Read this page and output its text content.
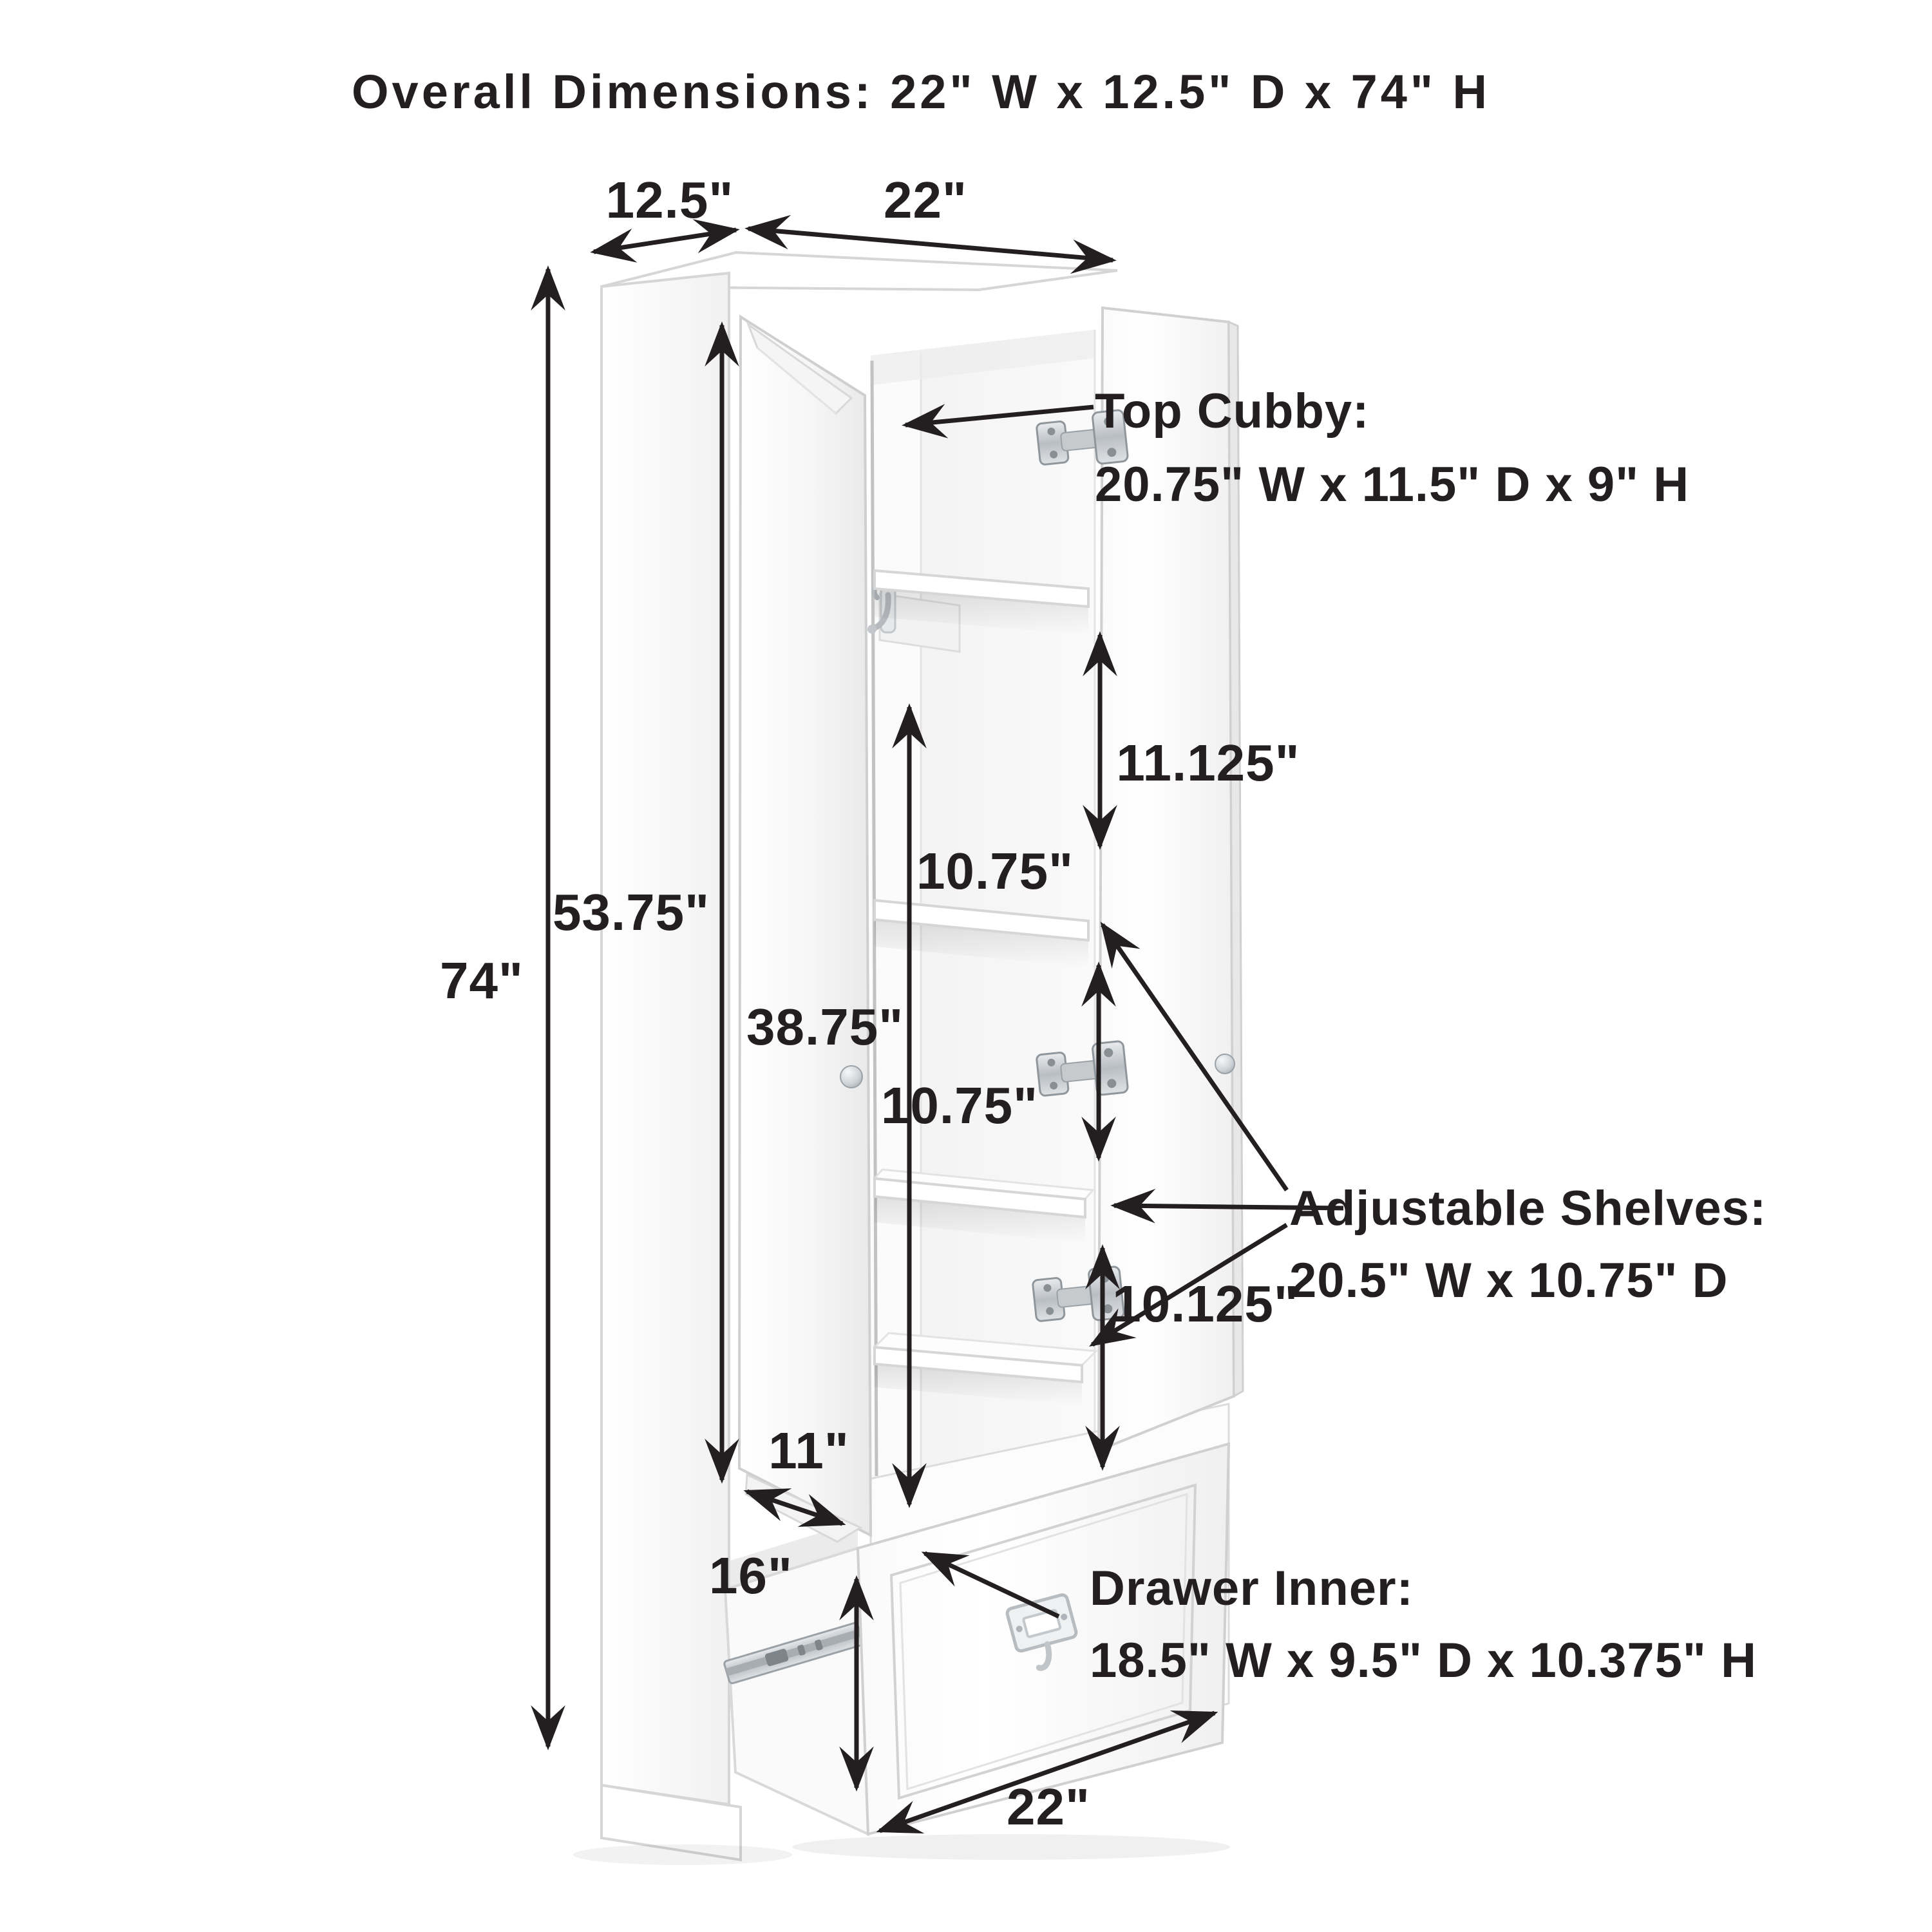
Overall Dimensions: 22" W x 12.5" D x 74" H
12.5"	22"
74"
53.75"
38.75"
11.125"
10.75"
10.75"
10.125"
11"
16"
22"
Top Cubby:
20.75" W x 11.5" D x 9" H
Adjustable Shelves:
20.5" W x 10.75" D
Drawer Inner:
18.5" W x 9.5" D x 10.375" H
